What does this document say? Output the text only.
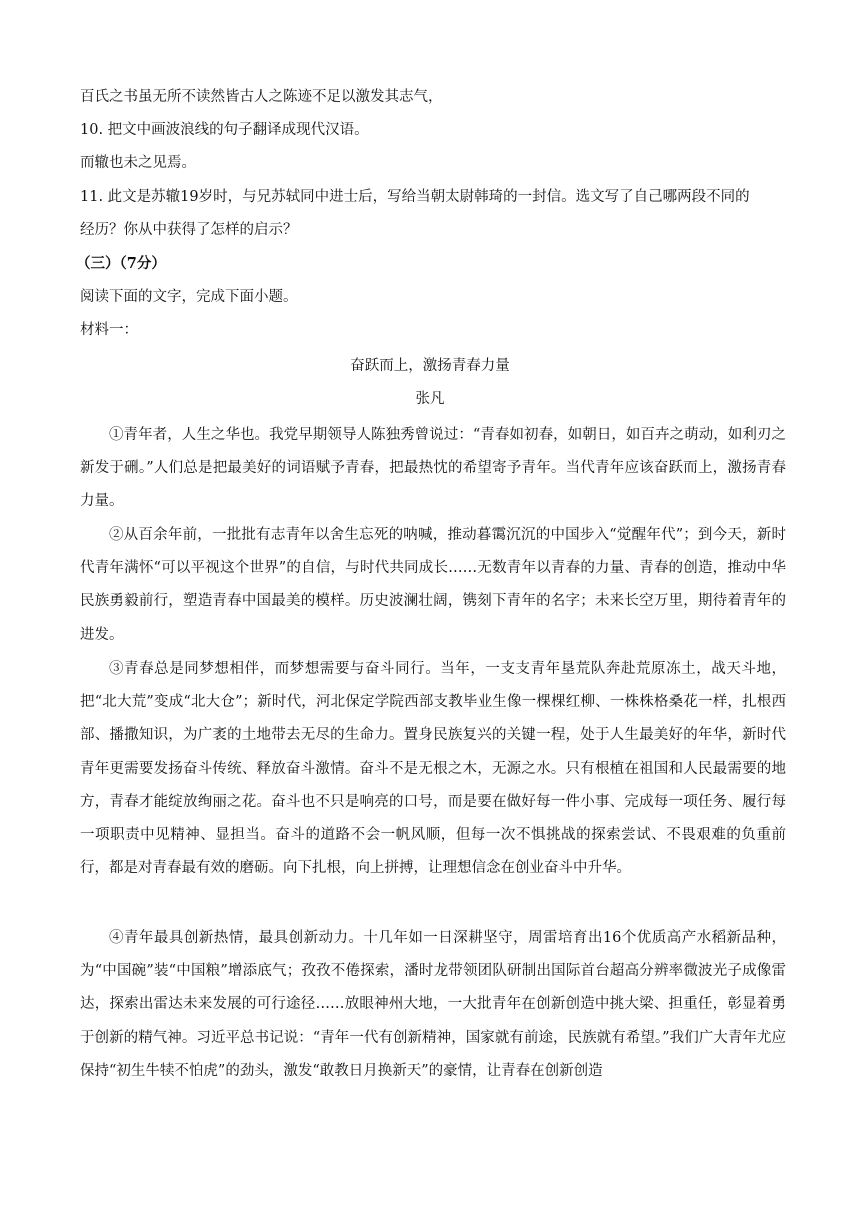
百氏之书虽无所不读然皆古人之陈迹不足以激发其志气，
10. 把文中画波浪线的句子翻译成现代汉语。
而辙也未之见焉。
11. 此文是苏辙19岁时，与兄苏轼同中进士后，写给当朝太尉韩琦的一封信。选文写了自己哪两段不同的
经历？你从中获得了怎样的启示？
（三）（7分）
阅读下面的文字，完成下面小题。
材料一：
奋跃而上，激扬青春力量
张凡

①青年者，人生之华也。我党早期领导人陈独秀曾说过：“青春如初春，如朝日，如百卉之萌动，如利刃之新发于硎。”人们总是把最美好的词语赋予青春，把最热忱的希望寄予青年。当代青年应该奋跃而上，激扬青春力量。

②从百余年前，一批批有志青年以舍生忘死的呐喊，推动暮霭沉沉的中国步入“觉醒年代”；到今天，新时代青年满怀“可以平视这个世界”的自信，与时代共同成长……无数青年以青春的力量、青春的创造，推动中华民族勇毅前行，塑造青春中国最美的模样。历史波澜壮阔，镌刻下青年的名字；未来长空万里，期待着青年的进发。

③青春总是同梦想相伴，而梦想需要与奋斗同行。当年，一支支青年垦荒队奔赴荒原冻土，战天斗地，把“北大荒”变成“北大仓”；新时代，河北保定学院西部支教毕业生像一棵棵红柳、一株株格桑花一样，扎根西部、播撒知识，为广袤的土地带去无尽的生命力。置身民族复兴的关键一程，处于人生最美好的年华，新时代青年更需要发扬奋斗传统、释放奋斗激情。奋斗不是无根之木，无源之水。只有根植在祖国和人民最需要的地方，青春才能绽放绚丽之花。奋斗也不只是响亮的口号，而是要在做好每一件小事、完成每一项任务、履行每一项职责中见精神、显担当。奋斗的道路不会一帆风顺，但每一次不惧挑战的探索尝试、不畏艰难的负重前行，都是对青春最有效的磨砺。向下扎根，向上拼搏，让理想信念在创业奋斗中升华。

④青年最具创新热情，最具创新动力。十几年如一日深耕坚守，周雷培育出16个优质高产水稻新品种，为“中国碗”装“中国粮”增添底气；孜孜不倦探索，潘时龙带领团队研制出国际首台超高分辨率微波光子成像雷达，探索出雷达未来发展的可行途径……放眼神州大地，一大批青年在创新创造中挑大梁、担重任，彰显着勇于创新的精气神。习近平总书记说：“青年一代有创新精神，国家就有前途，民族就有希望。”我们广大青年尤应保持“初生牛犊不怕虎”的劲头，激发“敢教日月换新天”的豪情，让青春在创新创造
